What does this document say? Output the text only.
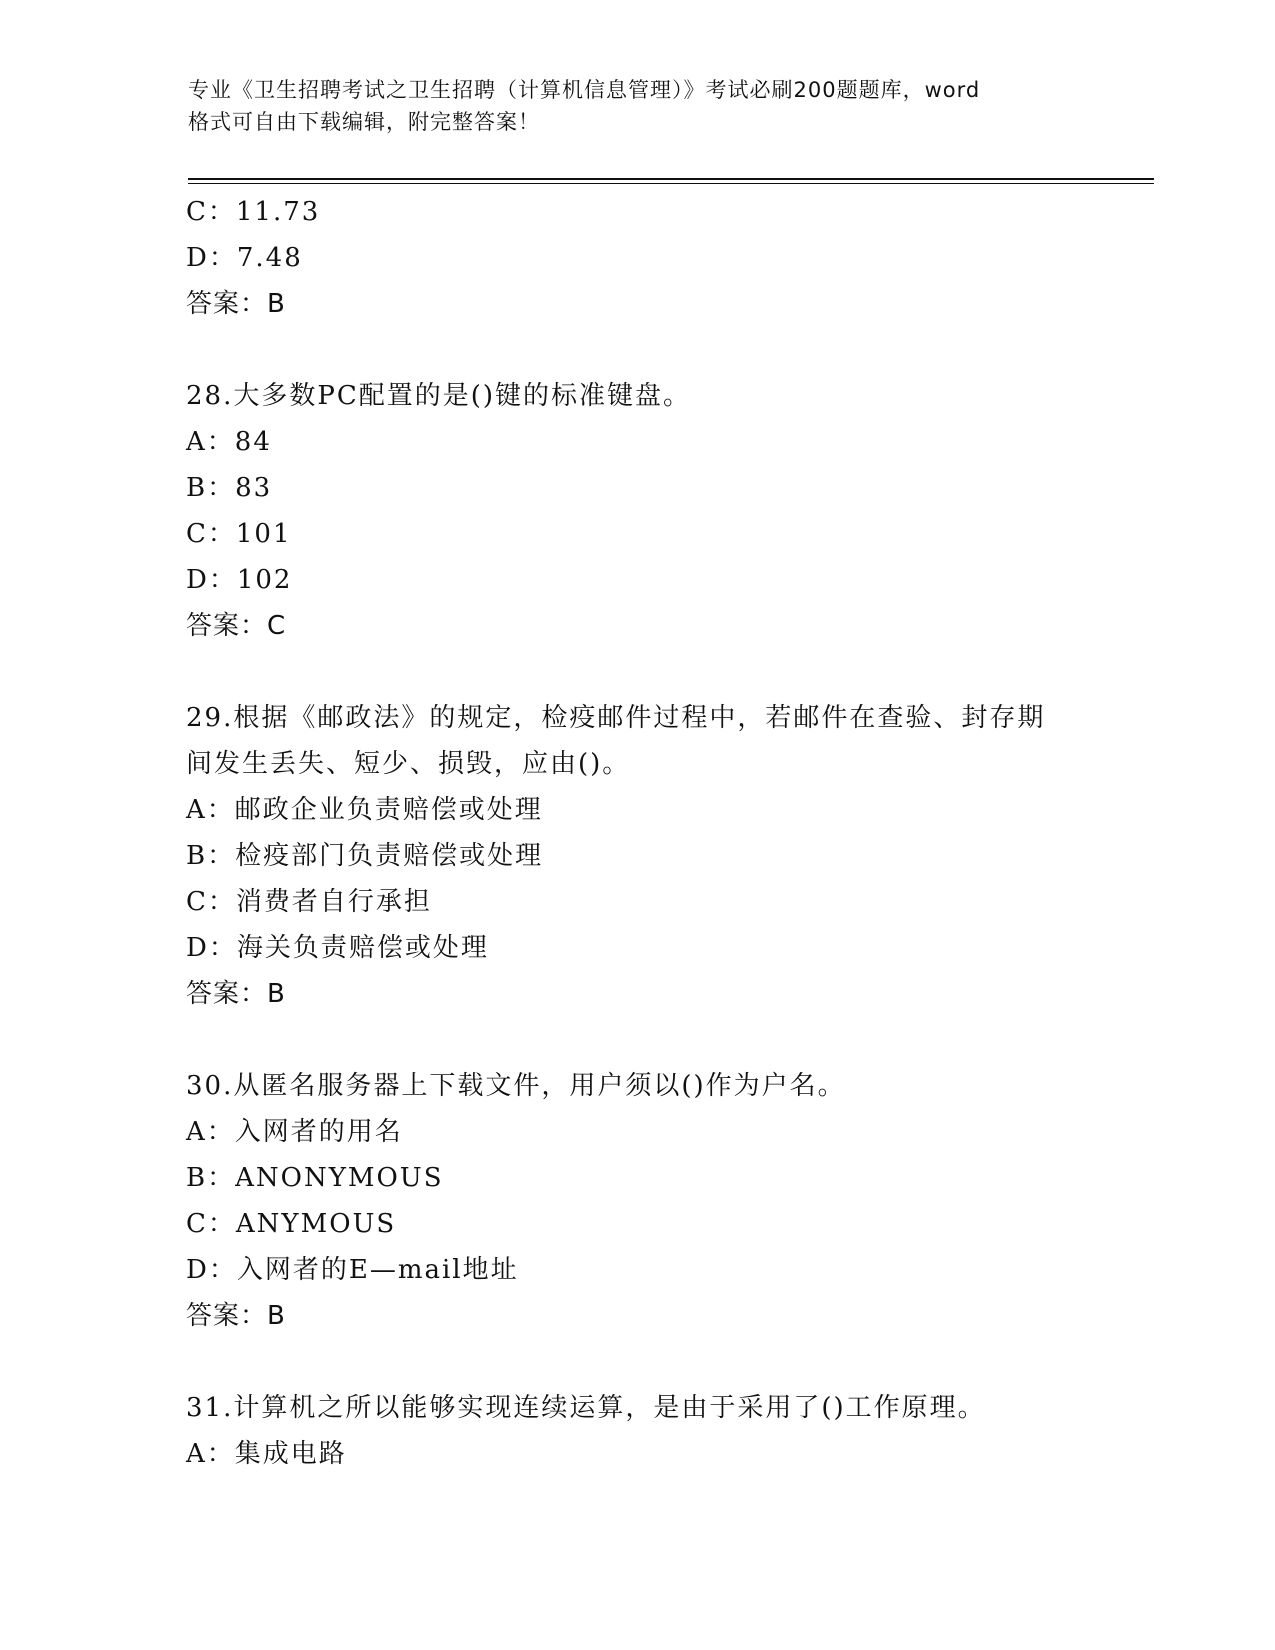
专业《卫生招聘考试之卫生招聘（计算机信息管理）》考试必刷200题题库，word
格式可自由下载编辑，附完整答案！
C：11.73
D：7.48
答案：B
28.大多数PC配置的是()键的标准键盘。
A：84
B：83
C：101
D：102
答案：C
29.根据《邮政法》的规定，检疫邮件过程中，若邮件在查验、封存期
间发生丢失、短少、损毁，应由()。
A：邮政企业负责赔偿或处理
B：检疫部门负责赔偿或处理
C：消费者自行承担
D：海关负责赔偿或处理
答案：B
30.从匿名服务器上下载文件，用户须以()作为户名。
A：入网者的用名
B：ANONYMOUS
C：ANYMOUS
D：入网者的E—mail地址
答案：B
31.计算机之所以能够实现连续运算，是由于采用了()工作原理。
A：集成电路
